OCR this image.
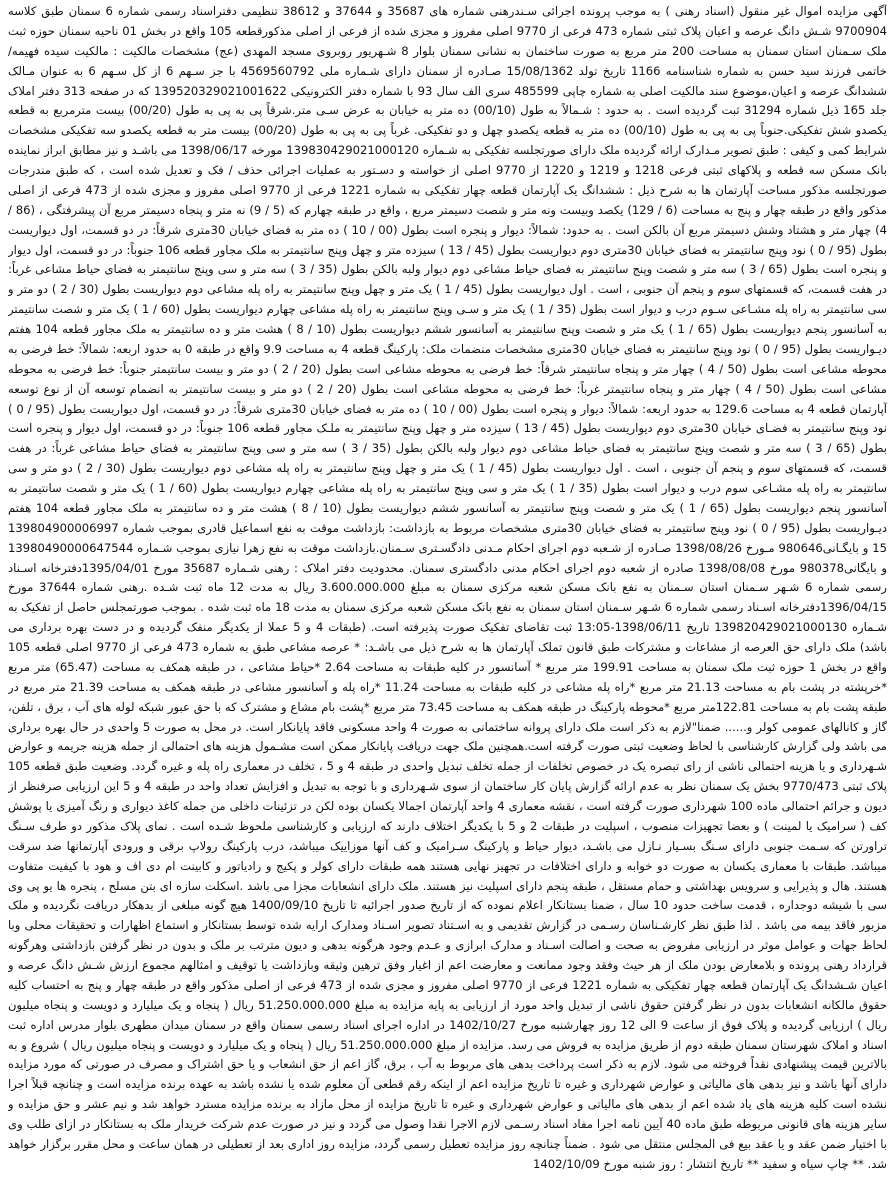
آگهی مزایده اموال غیر منقول (اسناد رهنی ) به موجب پرونده اجرائی سـندرهنی شماره های 35687 و 37644 و 38612 تنظیمی دفتراسناد رسمی شماره 6 سمنان طبق کلاسه 9700904 شـش دانگ عرصه و اعیان پلاک ثبتی شماره 473 فرعی از 9770 اصلی مفروز و مجزی شده از فرعی از اصلی مذکورقطعه 105 واقع در بخش 01 ناحیه سمنان حوزه ثبت ملک سـمنان استان سمنان به مساحت 200 متر مربع به صورت ساختمان به نشانی سمنان بلوار 8 شـهریور روبروی مسجد المهدی (عج) مشخصات مالکیت : مالکیت سیده فهیمه/خاتمی فرزند سید حسن به شماره شناسنامه 1166 تاریخ تولد 15/08/1362 صـادره از سمنان دارای شـماره ملی 4569560792 با جز سـهم 6 از کل سـهم 6 به عنوان مـالک ششدانگ عرصه و اعیان،موضوع سند مالکیت اصلی به شماره چاپی 485599 سری الف سال 93 با شماره دفتر الکترونیکی 139520329021001622 که در صفحه 313 دفتر املاک جلد 165 ذیل شماره 31294 ثبت گردیده است . به حدود : شـمالاً به طول (00/10) ده متر به خیابان به عرض سـی متر.شرقاً پی به پی به طول (00/20) بیست مترمربع به قطعه یکصدو شش تفکیکی.جنوباً پی به پی به طول (00/10) ده متر به قطعه یکصدو چهل و دو تفکیکی. غرباً پی به پی به طول (00/20) بیست متر به قطعه یکصدو سه تفکیکی مشخصات شرایط کمی و کیفی : طبق تصویر مـدارک ارائه گردیده ملک دارای صورتجلسه تفکیکی به شـماره 139830429021000120 مورخه 1398/06/17 می باشـد و نیز مطابق ابراز نماینده بانک مسکن سه قطعه و پلاکهای ثبتی فرعی 1218 و 1219 و 1220 از 9770 اصلی از خواسته و دسـتور به عملیات اجرائی حذف / فک و تعدیل شده است ، که طبق مندرجات صورتجلسه مذکور مساحت آپارتمان ها به شرح ذیل : ششدانگ یک آپارتمان قطعه چهار تفکیکی به شماره 1221 فرعی از 9770 اصلی مفروز و مجزی شده از 473 فرعی از اصلی مذکور واقع در طبقه چهار و پنج به مساحت (6 / 129) یکصد وبیست ونه متر و شصت دسیمتر مربع ، واقع در طبقه چهارم که (5 / 9) نه متر و پنجاه دسیمتر مربع آن پیشرفتگی ، (86 / 4) چهار متر و هشتاد وشش دسیمتر مربع آن بالکن است . به حدود: شمالاً: دیوار و پنجره است بطول (00 / 10 ) ده متر به فضای خیابان 30متری شرقاً: در دو قسمت، اول دیواریست بطول (95 / 0 ) نود وپنج سانتیمتر به فضای خیابان 30متری دوم دیواریست بطول (45 / 13 ) سیزده متر و چهل وپنج سانتیمتر به ملک مجاور قطعه 106 جنوباً: در دو قسمت، اول دیوار و پنجره است بطول (65 / 3 ) سه متر و شصت وپنج سانتیمتر به فضای حیاط مشاعی دوم دیوار ولبه بالکن بطول (35 / 3 ) سه متر و سی وپنج سانتیمتر به فضای حیاط مشاعی غرباً: در هفت قسمت، که قسمتهای سوم و پنجم آن جنوبی ، است . اول دیواریست بطول (45 / 1 ) یک متر و چهل وپنج سانتیمتر به راه پله مشاعی دوم دیواریست بطول (30 / 2 ) دو متر و سی سانتیمتر به راه پله مشـاعی سـوم درب و دیوار است بطول (35 / 1 ) یک متر و سـی وپنج سانتیمتر به راه پله مشاعی چهارم دیواریست بطول (60 / 1 ) یک متر و شصت سانتیمتر به آسانسور پنجم دیواریست بطول (65 / 1 ) یک متر و شصت وپنج سانتیمتر به آسانسور ششم دیواریست بطول (10 / 8 ) هشت متر و ده سانتیمتر به ملک مجاور قطعه 104 هفتم دیـواریست بطول (95 / 0 ) نود وپنج سانتیمتر به فضای خیابان 30متری مشخصات منضمات ملک: پارکینگ قطعه 4 به مساحت 9.9 واقع در طبقه 0 به حدود اربعه: شمالاً: خط فرضی به محوطه مشاعی است بطول (50 / 4 ) چهار متر و پنجاه سانتیمتر شرقاً: خط فرضی به محوطه مشاعی است بطول (20 / 2 ) دو متر و بیست سانتیمتر جنوباً: خط فرضی به محوطه مشاعی است بطول (50 / 4 ) چهار متر و پنجاه سانتیمتر غرباً: خط فرضی به محوطه مشاعی است بطول (20 / 2 ) دو متر و بیست سانتیمتر به انضمام توسعه آن از نوع توسعه آپارتمان قطعه 4 به مساحت 129.6 به حدود اربعه: شمالاً: دیوار و پنجره است بطول (00 / 10 ) ده متر به فضای خیابان 30متری شرقاً: در دو قسمت، اول دیواریست بطول (95 / 0 ) نود وپنج سانتیمتر به فضـای خیابان 30متری دوم دیواریست بطول (45 / 13 ) سیزده متر و چهل وپنج سانتیمتر به ملـک مجاور قطعه 106 جنوباً: در دو قسمت، اول دیوار و پنجره است بطول (65 / 3 ) سه متر و شصت وپنج سانتیمتر به فضای حیاط مشاعی دوم دیوار ولبه بالکن بطول (35 / 3 ) سه متر و سی وپنج سانتیمتر به فضای حیاط مشاعی غرباً: در هفت قسمت، که قسمتهای سوم و پنجم آن جنوبی ، است . اول دیواریست بطول (45 / 1 ) یک متر و چهل وپنج سانتیمتر به راه پله مشاعی دوم دیواریست بطول (30 / 2 ) دو متر و سی سانتیمتر به راه پله مشـاعی سوم درب و دیوار است بطول (35 / 1 ) یک متر و سی وپنج سانتیمتر به راه پله مشاعی چهارم دیواریست بطول (60 / 1 ) یک متر و شصت سانتیمتر به آسانسور پنجم دیواریست بطول (65 / 1 ) یک متر و شصت وپنج سانتیمتر به آسانسور ششم دیواریست بطول (10 / 8 ) هشت متر و ده سانتیمتر به ملک مجاور قطعه 104 هفتم دیـواریست بطول (95 / 0 ) نود وپنج سانتیمتر به فضای خیابان 30متری مشخصات مربوط به بازداشت: بازداشت موقت به نفع اسماعیل قادری بموجب شماره 139804900006997​15 و بایگـانی980646 مـورخ 1398/08/26 صـادره از شـعبه دوم اجرای احکام مـدنی دادگسـتری سـمنان.بازداشت موقت به نفع زهرا نیازی بموجب شـماره 139804900006475​44 و بایگانی980378 مورخ 1398/08/08 صادره از شعبه دوم اجرای احکام مدنی دادگستری سمنان. محدودیت دفتر املاک : رهنی شـماره 35687 مورخ 1395/04/01دفترخانه اسـناد رسمی شماره 6 شـهر سـمنان استان سـمنان به نفع بانک مسکن شعبه مرکزی سمنان به مبلغ 3.600.000.000 ریال به مدت 12 ماه ثبت شـده .رهنی شماره 37644 مورخ 1396/04/15دفترخانه اسـناد رسمی شماره 6 شـهر سـمنان استان سمنان به نفع بانک مسکن شعبه مرکزی سمنان به مدت 18 ماه ثبت شده . بموجب صورتمجلس حاصل از تفکیک به شـماره 139820429021000130 تاریخ 1398/06/11-13:05 ثبت تقاضای تفکیک صورت پذیرفته است. (طبقات 4 و 5 عملا از یکدیگر منفک گردیده و در دست بهره برداری می باشد) ملک دارای حق العرصه از مشاعات و مشترکات طبق قانون تملک آپارتمان ها به شرح ذیل می باشـد: * عرصه مشاعی طبق به شماره 473 فرعی از 9770 اصلی قطعه 105 واقع در بخش 1 حوزه ثبت ملک سمنان به مساحت 199.91 متر مربع * آسانسور در کلیه طبقات به مساحت 2.64 *حیاط مشاعی ، در طبقه همکف به مساحت (65.47) متر مربع *خرپشته در پشت بام به مساحت 21.13 متر مربع *راه پله مشاعی در کلیه طبقات به مساحت 11.24 *راه پله و آسانسور مشاعی در طبقه همکف به مساحت 21.39 متر مربع در طبقه پشت بام به مساحت 122.81متر مربع *محوطه پارکینگ در طبقه همکف به مساحت 73.45 متر مربع *پشت بام مشاع و مشترک که با حق عبور شبکه لوله های آب ، برق ، تلفن، گاز و کانالهای عمومی کولر و...... ضمنا"لازم به ذکر است ملک دارای پروانه ساختمانی به صورت 4 واحد مسکونی فاقد پایانکار است. در محل به صورت 5 واحدی در حال بهره برداری می باشد ولی گزارش کارشناسی با لحاظ وضعیت ثبتی صورت گرفته است.همچنین ملک جهت دریافت پایانکار ممکن است مشـمول هزینه های احتمالی از جمله هزینه جریمه و عوارض شـهرداری و یا هزینه احتمالی ناشی از رای تبصره یک در خصوص تخلفات از جمله تخلف تبدیل واحدی در طبقه 4 و 5 ، تخلف در معماری راه پله و غیره گردد. وضعیت طبق قطعه 105 پلاک ثبتی 9770/473 بخش یک سمنان نظر به عدم ارائه گزارش پایان کار ساختمان از سوی شـهرداری و با توجه به تبدیل و افزایش تعداد واحد در طبقه 4 و 5 این ارزیابی صرفنظر از دیون و جرائم احتمالی ماده 100 شهرداری صورت گرفته است ، نقشه معماری 4 واحد آپارتمان اجمالا یکسان بوده لکن در تزئینات داخلی من جمله کاغذ دیواری و رنگ آمیزی یا پوشش کف ( سرامیک یا لمینت ) و بعضا تجهیزات منصوب ، اسپلیت در طبقات 2 و 5 با یکدیگر اختلاف دارند که ارزیابی و کارشناسی ملحوظ شـده است . نمای پلاک مذکور دو طرف سـنگ تراورتن که سـمت جنوبی دارای سـنگ بسـیار نـازل می باشـد، دیوار حیاط و پارکینگ سـرامیک و کف آنها موزاییک میباشد، درب پارکینگ رولاپ برقی و ورودی آپارتمانها ضد سرقت میباشد. طبقات با معماری یکسان به صورت دو خوابه و دارای اختلافات در تجهیز نهایی هستند همه طبقات دارای کولر و پکیج و رادیاتور و کابینت ام دی اف و هود با کیفیت متفاوت هستند. هال و پذیرایی و سرویس بهداشتی و حمام مستقل ، طبقه پنجم دارای اسپلیت نیز هستند. ملک دارای انشعابات مجزا می باشد .اسکلت سازه ای بتن مسلح ، پنجره ها یو پی وی سی با شیشه دوجداره ، قدمت ساخت حدود 10 سال ، ضمنا بستانکار اعلام نموده که از تاریخ صدور اجرائیه تا تاریخ 1400/09/10 هیچ گونه مبلغی از بدهکار دریافت نگردیده و ملک مزبور فاقد بیمه می باشد . لذا طبق نظر کارشـناسان رسـمی در گزارش تقدیمی و به اسـتناد تصویر اسـناد ومدارک ارایه شده توسط بستانکار و استماع اظهارات و تحقیقات محلی وبا لحاظ جهات و عوامل موثر در ارزیابی مفروض به صحت و اصالت اسـناد و مدارک ابرازی و عـدم وجود هرگونه بدهی و دیون مترتب بر ملک و بدون در نظر گرفتن بازداشتی وهرگونه قرارداد رهنی پرونده و بلامعارض بودن ملک از هر حیث وفقد وجود ممانعت و معارضت اعم از اغیار وفق ترهین وثیقه وبازداشت یا توقیف و امثالهم مجموع ارزش شـش دانگ عرصه و اعیان شـشدانگ یک آپارتمان قطعه چهار تفکیکی به شماره 1221 فرعی از 9770 اصلی مفروز و مجزی شده از 473 فرعی از اصلی مذکور واقع در طبقه چهار و پنج به احتساب کلیه حقوق مالکانه انشعابات بدون در نظر گرفتن حقوق ناشی از تبدیل واحد مورد از ارزیابی به پایه مزایده به مبلغ 51.250.000.000 ریال ( پنجاه و یک میلیارد و دویست و پنجاه میلیون ریال ) ارزیابی گردیده و پلاک فوق از ساعت 9 الی 12 روز چهارشنبه مورخ 1402/10/27 در اداره اجرای اسناد رسمی سمنان واقع در سمنان میدان مطهری بلوار مدرس اداره ثبت اسناد و املاک شهرستان سمنان طبقه دوم از طریق مزایده به فروش می رسد. مزایده از مبلغ 51.250.000.000 ریال ( پنجاه و یک میلیارد و دویست و پنجاه میلیون ریال ) شروع و به بالاترین قیمت پیشنهادی نقداً فروخته می شود. لازم به ذکر است پرداخت بدهی های مربوط به آب ، برق، گاز اعم از حق انشعاب و یا حق اشتراک و مصرف در صورتی که مورد مزایده دارای آنها باشد و نیز بدهی های مالیاتی و عوارض شهرداری و غیره تا تاریخ مزایده اعم از اینکه رقم قطعی آن معلوم شده یا نشده باشد به عهده برنده مزایده است و چنانچه قبلاً اجرا نشده است کلیه هزینه های یاد شده اعم از بدهی های مالیاتی و عوارض شهرداری و غیره تا تاریخ مزایده از محل مازاد به برنده مزایده مسترد خواهد شد و نیم عشر و حق مزایده و سایر هزینه های قانونی مربوطه طبق ماده 40 آیین نامه اجرا مفاد اسناد رسـمی لازم الاجرا نقدا وصول می گردد و نیز در صورت عدم شرکت خریدار ملک به بستانکار در ازای طلب وی با اختیار ضمن عقد و یا عقد بیع فی المجلس منتقل می شود . ضمناً چنانچه روز مزایده تعطیل رسمی گردد، مزایده روز اداری بعد از تعطیلی در همان ساعت و محل مقرر برگزار خواهد شد. ** چاپ سیاه و سفید ** تاریخ انتشار : روز شنبه مورخ 1402/10/09
